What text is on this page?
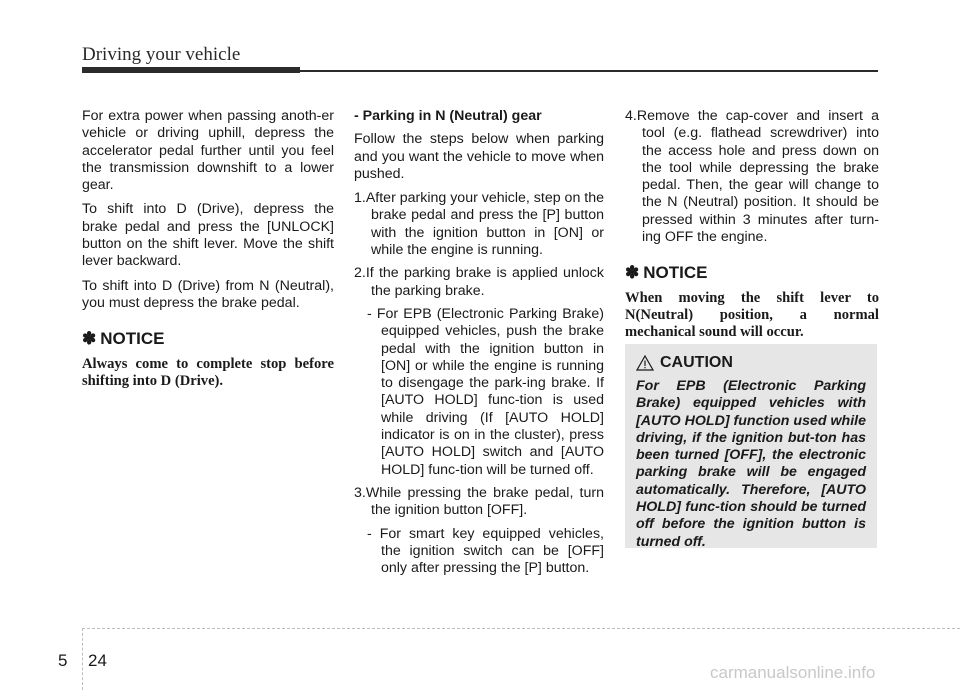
Driving your vehicle

For extra power when passing anoth-er vehicle or driving uphill, depress the accelerator pedal further until you feel the transmission downshift to a lower gear.

To shift into D (Drive), depress the brake pedal and press the [UNLOCK] button on the shift lever. Move the shift lever backward.

To shift into D (Drive) from N (Neutral), you must depress the brake pedal.

✽ NOTICE
Always come to complete stop before shifting into D (Drive).

- Parking in N (Neutral) gear

Follow the steps below when parking and you want the vehicle to move when pushed.

1.After parking your vehicle, step on the brake pedal and press the [P] button with the ignition button in [ON] or while the engine is running.

2.If the parking brake is applied unlock the parking brake.

- For EPB (Electronic Parking Brake) equipped vehicles, push the brake pedal with the ignition button in [ON] or while the engine is running to disengage the park-ing brake. If [AUTO HOLD] func-tion is used while driving (If [AUTO HOLD] indicator is on in the cluster), press [AUTO HOLD] switch and [AUTO HOLD] func-tion will be turned off.

3.While pressing the brake pedal, turn the ignition button [OFF].

- For smart key equipped vehicles, the ignition switch can be [OFF] only after pressing the [P] button.

4.Remove the cap-cover and insert a tool (e.g. flathead screwdriver) into the access hole and press down on the tool while depressing the brake pedal. Then, the gear will change to the N (Neutral) position. It should be pressed within 3 minutes after turn-ing OFF the engine.

✽ NOTICE
When moving the shift lever to N(Neutral) position, a normal mechanical sound will occur.
CAUTION
For EPB (Electronic Parking Brake) equipped vehicles with [AUTO HOLD] function used while driving, if the ignition but-ton has been turned [OFF], the electronic parking brake will be engaged automatically. Therefore, [AUTO HOLD] func-tion should be turned off before the ignition button is turned off.
5 24
carmanualsonline.info
